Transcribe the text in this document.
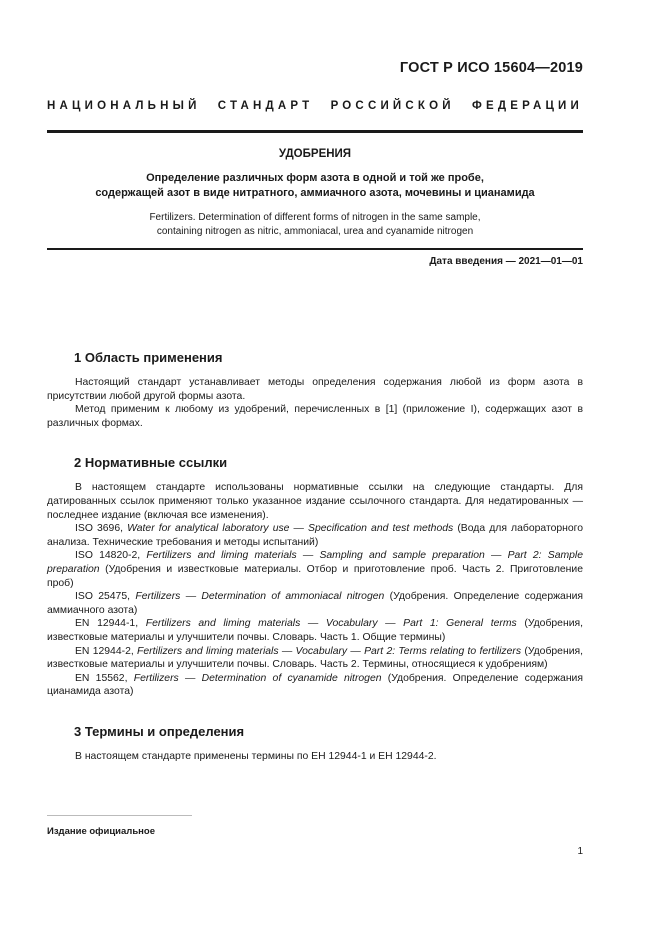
ГОСТ Р ИСО 15604—2019
НАЦИОНАЛЬНЫЙ СТАНДАРТ РОССИЙСКОЙ ФЕДЕРАЦИИ
УДОБРЕНИЯ
Определение различных форм азота в одной и той же пробе,
содержащей азот в виде нитратного, аммиачного азота, мочевины и цианамида
Fertilizers. Determination of different forms of nitrogen in the same sample,
containing nitrogen as nitric, ammoniacal, urea and cyanamide nitrogen
Дата введения — 2021—01—01
1 Область применения

Настоящий стандарт устанавливает методы определения содержания любой из форм азота в присутствии любой другой формы азота.

Метод применим к любому из удобрений, перечисленных в [1] (приложение I), содержащих азот в различных формах.

2 Нормативные ссылки

В настоящем стандарте использованы нормативные ссылки на следующие стандарты. Для датированных ссылок применяют только указанное издание ссылочного стандарта. Для недатированных — последнее издание (включая все изменения).

ISO 3696, Water for analytical laboratory use — Specification and test methods (Вода для лабораторного анализа. Технические требования и методы испытаний)

ISO 14820-2, Fertilizers and liming materials — Sampling and sample preparation — Part 2: Sample preparation (Удобрения и известковые материалы. Отбор и приготовление проб. Часть 2. Приготовление проб)

ISO 25475, Fertilizers — Determination of ammoniacal nitrogen (Удобрения. Определение содержания аммиачного азота)

EN 12944-1, Fertilizers and liming materials — Vocabulary — Part 1: General terms (Удобрения, известковые материалы и улучшители почвы. Словарь. Часть 1. Общие термины)

EN 12944-2, Fertilizers and liming materials — Vocabulary — Part 2: Terms relating to fertilizers (Удобрения, известковые материалы и улучшители почвы. Словарь. Часть 2. Термины, относящиеся к удобрениям)

EN 15562, Fertilizers — Determination of cyanamide nitrogen (Удобрения. Определение содержания цианамида азота)

3 Термины и определения

В настоящем стандарте применены термины по ЕН 12944-1 и ЕН 12944-2.

Издание официальное
1
